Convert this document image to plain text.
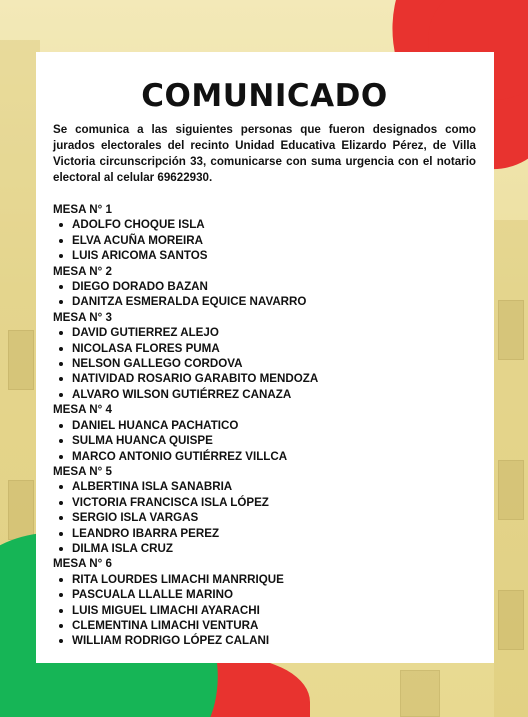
COMUNICADO

Se comunica a las siguientes personas que fueron designados como jurados electorales del recinto Unidad Educativa Elizardo Pérez, de Villa Victoria circunscripción 33, comunicarse con suma urgencia con el notario electoral al celular 69622930.

MESA N° 1
ADOLFO CHOQUE ISLA
ELVA ACUÑA MOREIRA
LUIS ARICOMA SANTOS
MESA N° 2
DIEGO DORADO BAZAN
DANITZA ESMERALDA EQUICE NAVARRO
MESA N° 3
DAVID GUTIERREZ ALEJO
NICOLASA FLORES PUMA
NELSON GALLEGO CORDOVA
NATIVIDAD ROSARIO GARABITO MENDOZA
ALVARO WILSON GUTIÉRREZ CANAZA
MESA N° 4
DANIEL HUANCA PACHATICO
SULMA HUANCA QUISPE
MARCO ANTONIO GUTIÉRREZ VILLCA
MESA N° 5
ALBERTINA ISLA SANABRIA
VICTORIA FRANCISCA ISLA LÓPEZ
SERGIO ISLA VARGAS
LEANDRO IBARRA PEREZ
DILMA ISLA CRUZ
MESA N° 6
RITA LOURDES LIMACHI MANRRIQUE
PASCUALA LLALLE MARINO
LUIS MIGUEL LIMACHI AYARACHI
CLEMENTINA LIMACHI VENTURA
WILLIAM RODRIGO LÓPEZ CALANI
